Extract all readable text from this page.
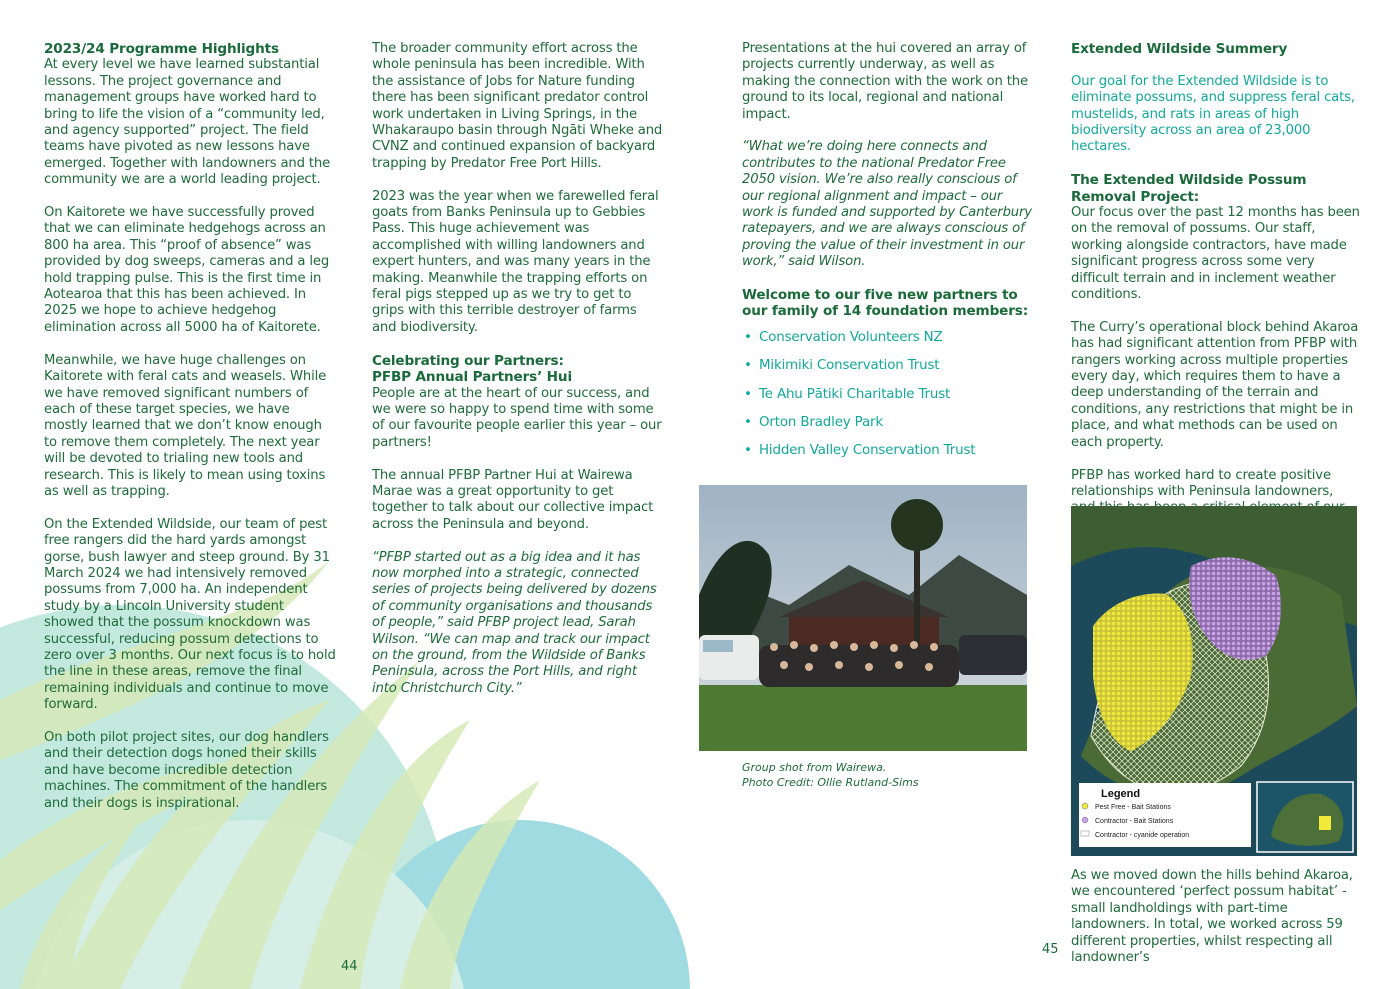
2023/24 Programme Highlights

At every level we have learned substantial lessons. The project governance and management groups have worked hard to bring to life the vision of a “community led, and agency supported” project. The field teams have pivoted as new lessons have emerged. Together with landowners and the community we are a world leading project.

On Kaitorete we have successfully proved that we can eliminate hedgehogs across an 800 ha area. This “proof of absence” was provided by dog sweeps, cameras and a leg hold trapping pulse. This is the first time in Aotearoa that this has been achieved. In 2025 we hope to achieve hedgehog elimination across all 5000 ha of Kaitorete.

Meanwhile, we have huge challenges on Kaitorete with feral cats and weasels. While we have removed significant numbers of each of these target species, we have mostly learned that we don’t know enough to remove them completely. The next year will be devoted to trialing new tools and research. This is likely to mean using toxins as well as trapping.

On the Extended Wildside, our team of pest free rangers did the hard yards amongst gorse, bush lawyer and steep ground. By 31 March 2024 we had intensively removed possums from 7,000 ha. An independent study by a Lincoln University student showed that the possum knockdown was successful, reducing possum detections to zero over 3 months. Our next focus is to hold the line in these areas, remove the final remaining individuals and continue to move forward.

On both pilot project sites, our dog handlers and their detection dogs honed their skills and have become incredible detection machines. The commitment of the handlers and their dogs is inspirational.

The broader community effort across the whole peninsula has been incredible. With the assistance of Jobs for Nature funding there has been significant predator control work undertaken in Living Springs, in the Whakaraupo basin through Ngāti Wheke and CVNZ and continued expansion of backyard trapping by Predator Free Port Hills.

2023 was the year when we farewelled feral goats from Banks Peninsula up to Gebbies Pass. This huge achievement was accomplished with willing landowners and expert hunters, and was many years in the making. Meanwhile the trapping efforts on feral pigs stepped up as we try to get to grips with this terrible destroyer of farms and biodiversity.

Celebrating our Partners:
PFBP Annual Partners’ Hui

People are at the heart of our success, and we were so happy to spend time with some of our favourite people earlier this year – our partners!

The annual PFBP Partner Hui at Wairewa Marae was a great opportunity to get together to talk about our collective impact across the Peninsula and beyond.

“PFBP started out as a big idea and it has now morphed into a strategic, connected series of projects being delivered by dozens of community organisations and thousands of people,” said PFBP project lead, Sarah Wilson. “We can map and track our impact on the ground, from the Wildside of Banks Peninsula, across the Port Hills, and right into Christchurch City.”

44

Presentations at the hui covered an array of projects currently underway, as well as making the connection with the work on the ground to its local, regional and national impact.

“What we’re doing here connects and contributes to the national Predator Free 2050 vision. We’re also really conscious of our regional alignment and impact – our work is funded and supported by Canterbury ratepayers, and we are always conscious of proving the value of their investment in our work,” said Wilson.

Welcome to our five new partners to our family of 14 foundation members:
• Conservation Volunteers NZ
• Mikimiki Conservation Trust
• Te Ahu Pātiki Charitable Trust
• Orton Bradley Park
• Hidden Valley Conservation Trust
Group shot from Wairewa.
Photo Credit: Ollie Rutland-Sims
Extended Wildside Summery

Our goal for the Extended Wildside is to eliminate possums, and suppress feral cats, mustelids, and rats in areas of high biodiversity across an area of 23,000 hectares.

The Extended Wildside Possum Removal Project:

Our focus over the past 12 months has been on the removal of possums. Our staff, working alongside contractors, have made significant progress across some very difficult terrain and in inclement weather conditions.

The Curry’s operational block behind Akaroa has had significant attention from PFBP with rangers working across multiple properties every day, which requires them to have a deep understanding of the terrain and conditions, any restrictions that might be in place, and what methods can be used on each property.

PFBP has worked hard to create positive relationships with Peninsula landowners,

Legend
Pest Free - Bait Stations
Contractor - Bait Stations
Contractor - cyanide operation
As we moved down the hills behind Akaroa, we encountered ‘perfect possum habitat’ - small landholdings with part-time landowners. In total, we worked across 59 different properties, whilst respecting all landowner’s
45
